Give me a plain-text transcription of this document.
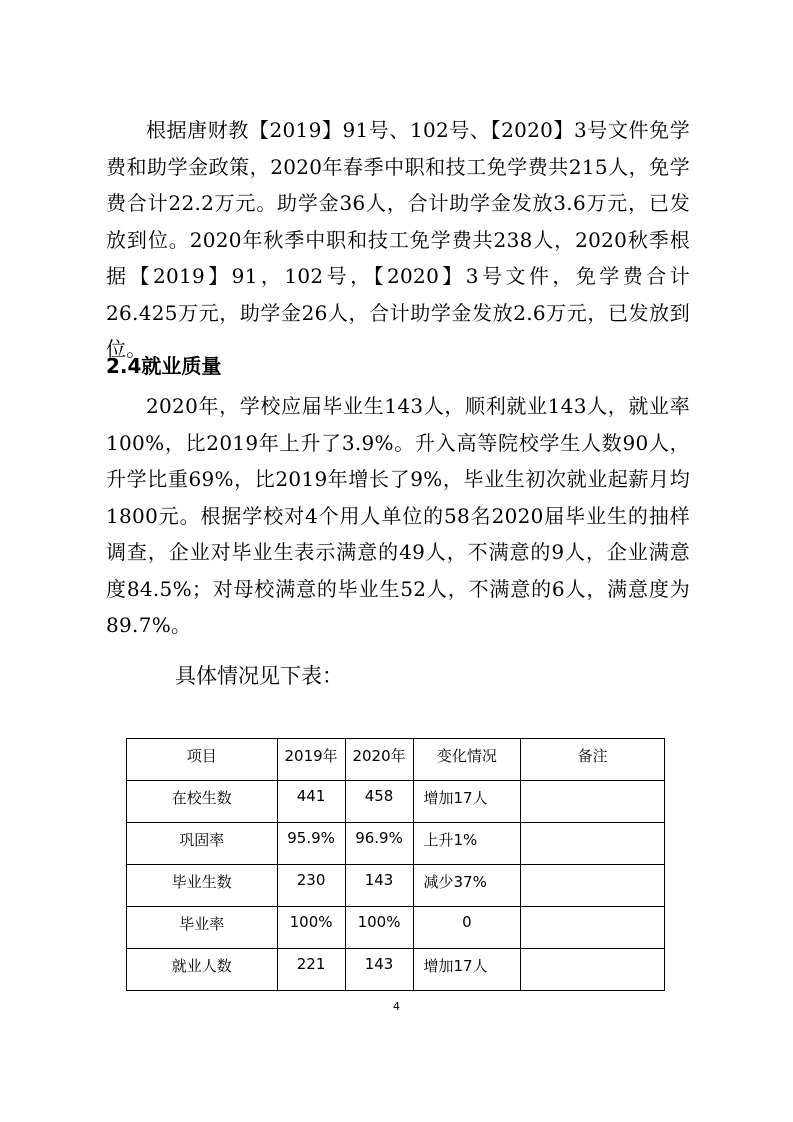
根据唐财教【2019】91号、102号、【2020】3号文件免学费和助学金政策，2020年春季中职和技工免学费共215人，免学费合计22.2万元。助学金36人，合计助学金发放3.6万元，已发放到位。2020年秋季中职和技工免学费共238人，2020秋季根据【2019】91，102号，【2020】3号文件，免学费合计26.425万元，助学金26人，合计助学金发放2.6万元，已发放到位。

2.4就业质量

2020年，学校应届毕业生143人，顺利就业143人，就业率100%，比2019年上升了3.9%。升入高等院校学生人数90人，升学比重69%，比2019年增长了9%，毕业生初次就业起薪月均1800元。根据学校对4个用人单位的58名2020届毕业生的抽样调查，企业对毕业生表示满意的49人，不满意的9人，企业满意度84.5%；对母校满意的毕业生52人，不满意的6人，满意度为89.7%。

具体情况见下表：
项目	2019年	2020年	变化情况	备注
在校生数	441	458	增加17人	
巩固率	95.9%	96.9%	上升1%	
毕业生数	230	143	减少37%	
毕业率	100%	100%	0	
就业人数	221	143	增加17人	
4
